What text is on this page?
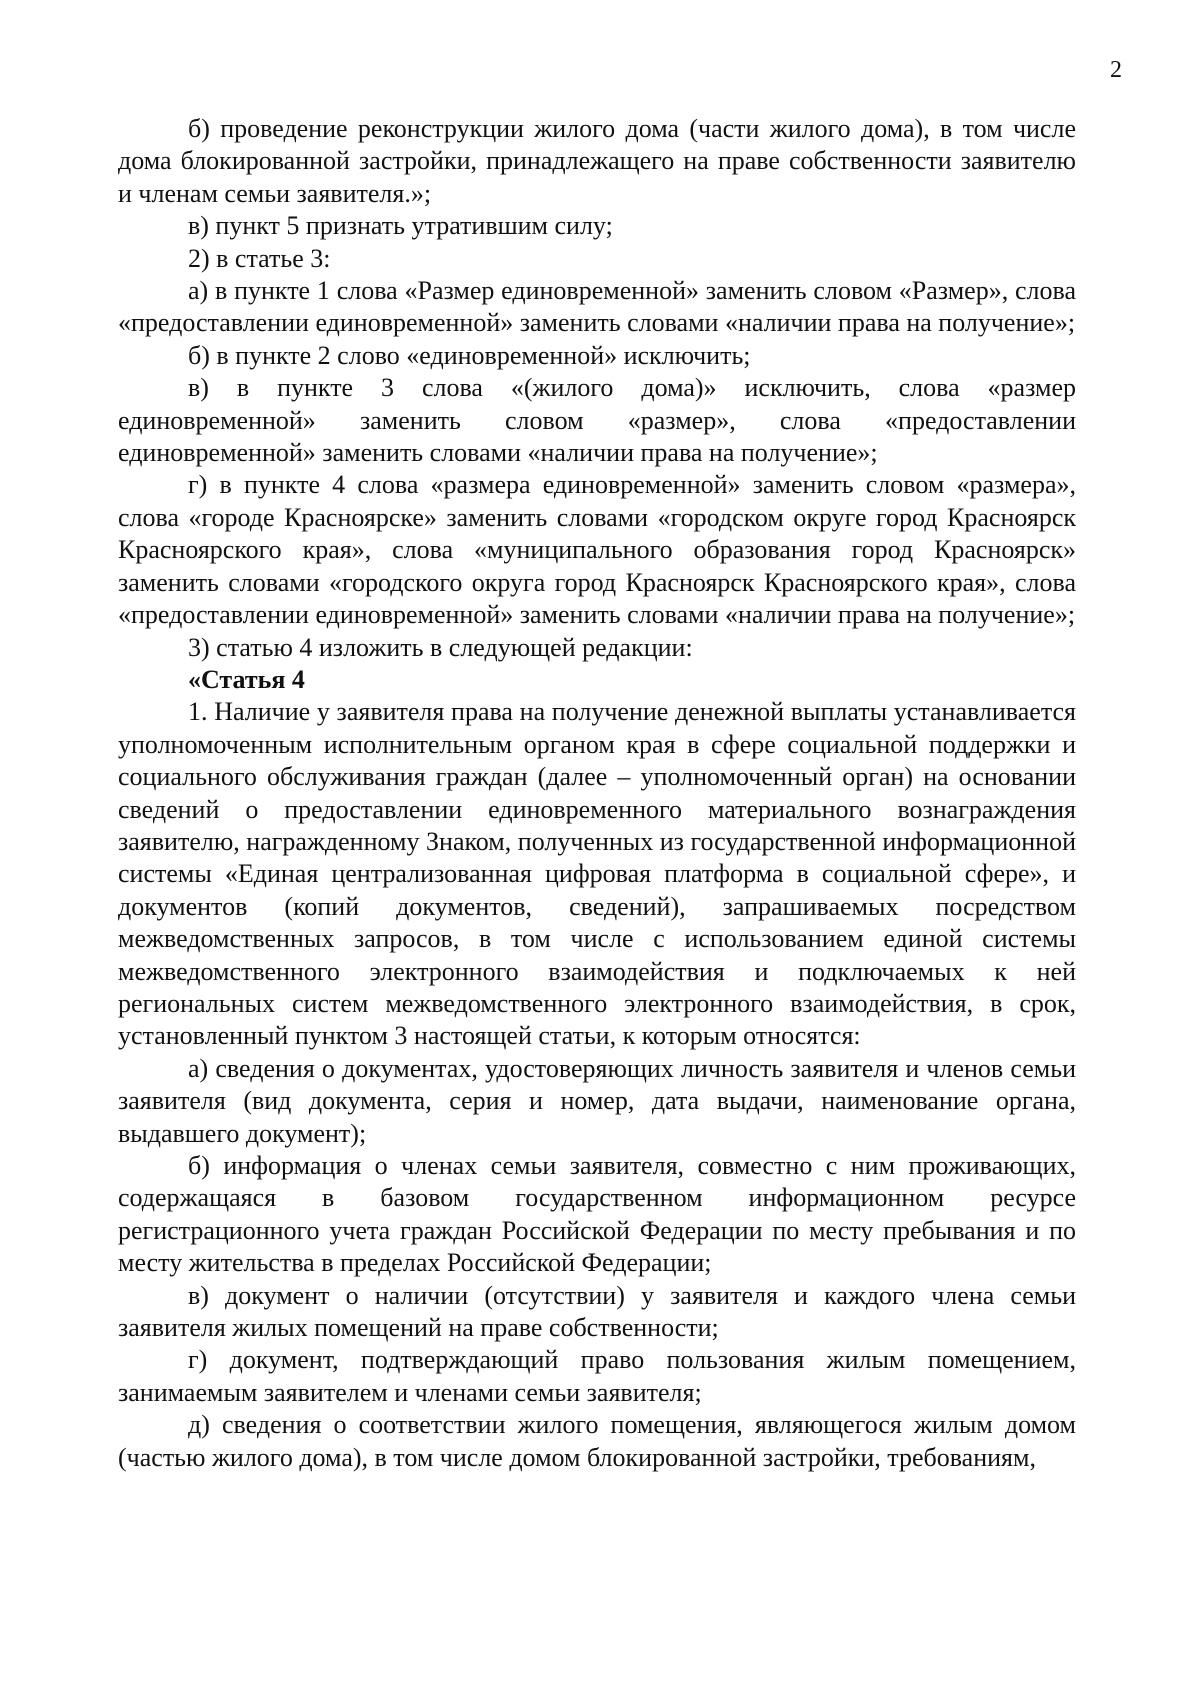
2

б) проведение реконструкции жилого дома (части жилого дома), в том числе дома блокированной застройки, принадлежащего на праве собственности заявителю и членам семьи заявителя.»;

в) пункт 5 признать утратившим силу;

2) в статье 3:

а) в пункте 1 слова «Размер единовременной» заменить словом «Размер», слова «предоставлении единовременной» заменить словами «наличии права на получение»;

б) в пункте 2 слово «единовременной» исключить;

в) в пункте 3 слова «(жилого дома)» исключить, слова «размер единовременной» заменить словом «размер», слова «предоставлении единовременной» заменить словами «наличии права на получение»;

г) в пункте 4 слова «размера единовременной» заменить словом «размера», слова «городе Красноярске» заменить словами «городском округе город Красноярск Красноярского края», слова «муниципального образования город Красноярск» заменить словами «городского округа город Красноярск Красноярского края», слова «предоставлении единовременной» заменить словами «наличии права на получение»;

3) статью 4 изложить в следующей редакции:

«Статья 4

1. Наличие у заявителя права на получение денежной выплаты устанавливается уполномоченным исполнительным органом края в сфере социальной поддержки и социального обслуживания граждан (далее – уполномоченный орган) на основании сведений о предоставлении единовременного материального вознаграждения заявителю, награжденному Знаком, полученных из государственной информационной системы «Единая централизованная цифровая платформа в социальной сфере», и документов (копий документов, сведений), запрашиваемых посредством межведомственных запросов, в том числе с использованием единой системы межведомственного электронного взаимодействия и подключаемых к ней региональных систем межведомственного электронного взаимодействия, в срок, установленный пунктом 3 настоящей статьи, к которым относятся:

а) сведения о документах, удостоверяющих личность заявителя и членов семьи заявителя (вид документа, серия и номер, дата выдачи, наименование органа, выдавшего документ);

б) информация о членах семьи заявителя, совместно с ним проживающих, содержащаяся в базовом государственном информационном ресурсе регистрационного учета граждан Российской Федерации по месту пребывания и по месту жительства в пределах Российской Федерации;

в) документ о наличии (отсутствии) у заявителя и каждого члена семьи заявителя жилых помещений на праве собственности;

г) документ, подтверждающий право пользования жилым помещением, занимаемым заявителем и членами семьи заявителя;

д) сведения о соответствии жилого помещения, являющегося жилым домом (частью жилого дома), в том числе домом блокированной застройки, требованиям,
